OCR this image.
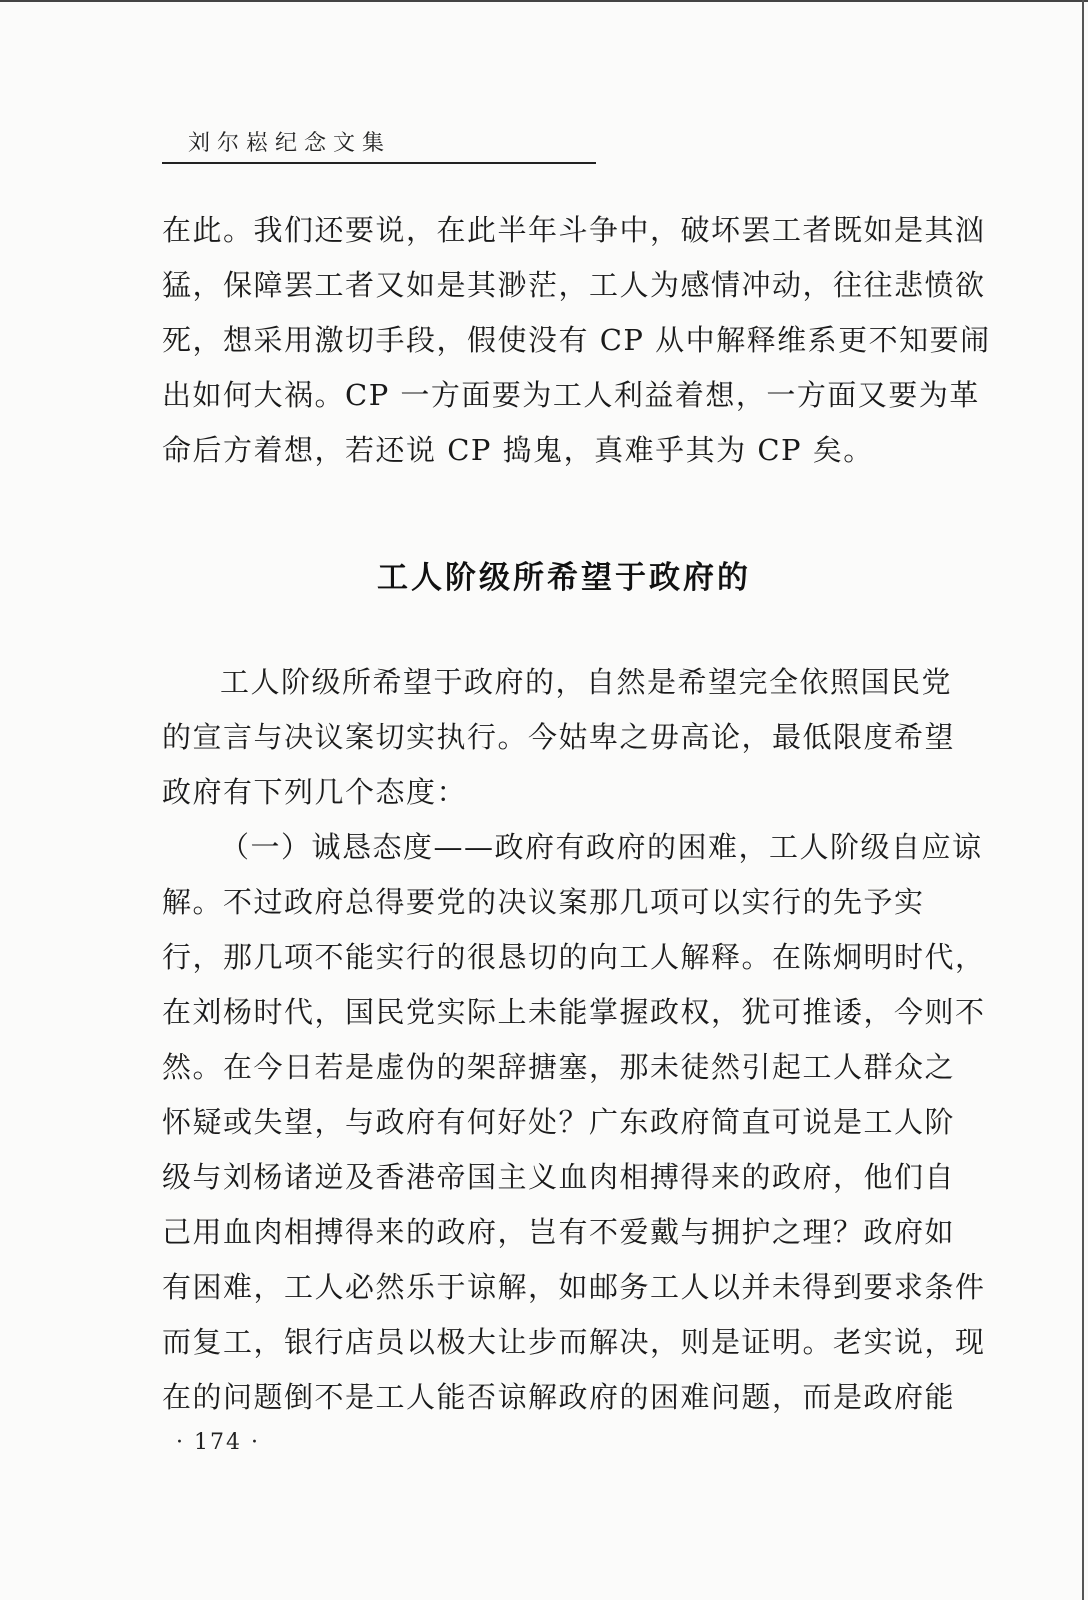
刘尔崧纪念文集
在此。我们还要说，在此半年斗争中，破坏罢工者既如是其汹
猛，保障罢工者又如是其渺茫，工人为感情冲动，往往悲愤欲
死，想采用激切手段，假使没有 CP 从中解释维系更不知要闹
出如何大祸。CP 一方面要为工人利益着想，一方面又要为革
命后方着想，若还说 CP 捣鬼，真难乎其为 CP 矣。
工人阶级所希望于政府的
工人阶级所希望于政府的，自然是希望完全依照国民党
的宣言与决议案切实执行。今姑卑之毋高论，最低限度希望
政府有下列几个态度：
（一）诚恳态度——政府有政府的困难，工人阶级自应谅
解。不过政府总得要党的决议案那几项可以实行的先予实
行，那几项不能实行的很恳切的向工人解释。在陈炯明时代，
在刘杨时代，国民党实际上未能掌握政权，犹可推诿，今则不
然。在今日若是虚伪的架辞搪塞，那未徒然引起工人群众之
怀疑或失望，与政府有何好处？广东政府简直可说是工人阶
级与刘杨诸逆及香港帝国主义血肉相搏得来的政府，他们自
己用血肉相搏得来的政府，岂有不爱戴与拥护之理？政府如
有困难，工人必然乐于谅解，如邮务工人以并未得到要求条件
而复工，银行店员以极大让步而解决，则是证明。老实说，现
在的问题倒不是工人能否谅解政府的困难问题，而是政府能
· 174 ·
